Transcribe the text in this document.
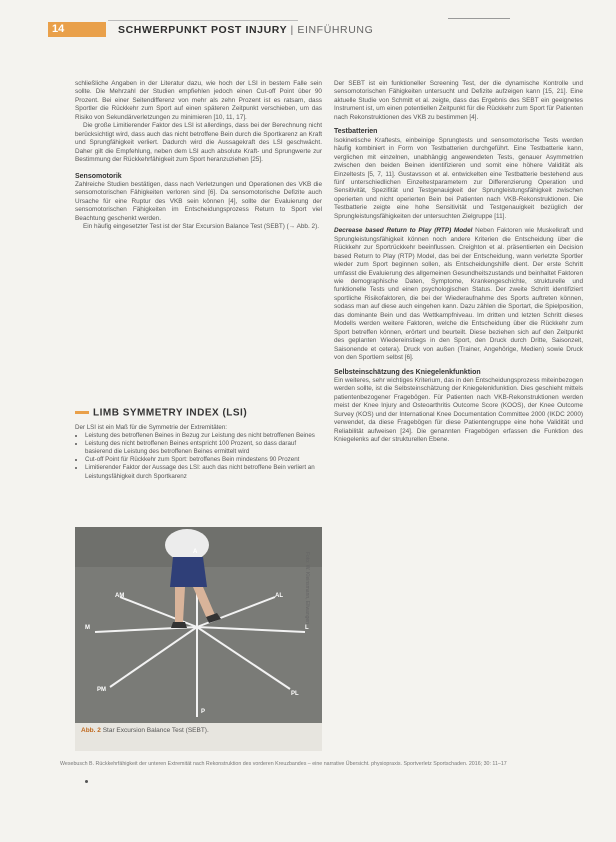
14	SCHWERPUNKT POST INJURY | EINFÜHRUNG

schließliche Angaben in der Literatur dazu, wie hoch der LSI in bestem Falle sein sollte. Die Mehrzahl der Studien empfiehlen jedoch einen Cut-off Point über 90 Prozent. Bei einer Seitendifferenz von mehr als zehn Prozent ist es ratsam, dass Sportler die Rückkehr zum Sport auf einen späteren Zeitpunkt verschieben, um das Risiko von Sekundärverletzungen zu minimieren [10, 11, 17].

Die große Limitierender Faktor des LSI ist allerdings, dass bei der Berechnung nicht berücksichtigt wird, dass auch das nicht betroffene Bein durch die Sportkarenz an Kraft und Sprungfähigkeit verliert. Dadurch wird die Aussagekraft des LSI geschwächt. Daher gilt die Empfehlung, neben dem LSI auch absolute Kraft- und Sprungwerte zur Bestimmung der Rückkehrfähigkeit zum Sport heranzuziehen [25].

Sensomotorik

Zahlreiche Studien bestätigen, dass nach Verletzungen und Operationen des VKB die sensomotorischen Fähigkeiten verloren sind [6]. Da sensomotorische Defizite auch Ursache für eine Ruptur des VKB sein können [4], sollte der Evaluierung der sensomotorischen Fähigkeiten im Entscheidungsprozess Return to Sport viel Beachtung geschenkt werden.

Ein häufig eingesetzter Test ist der Star Excursion Balance Test (SEBT) (→ Abb. 2).

LIMB SYMMETRY INDEX (LSI)
Der LSI ist ein Maß für die Symmetrie der Extremitäten:
• Leistung des betroffenen Beines in Bezug zur Leistung des nicht betroffenen Beines
• Leistung des nicht betroffenen Beines entspricht 100 Prozent, so dass darauf basierend die Leistung des betroffenen Beines ermittelt wird
• Cut-off Point für Rückkehr zum Sport: betroffenes Bein mindestens 90 Prozent
• Limitierender Faktor der Aussage des LSI: auch das nicht betroffene Bein verliert an Leistungsfähigkeit durch Sportkarenz
AM
A
AL
M	L
PM
P
PL
Abb. 2 Star Excursion Balance Test (SEBT).
Foto: W. Kleinsmann, Ellwangen

Der SEBT ist ein funktioneller Screening Test, der die dynamische Kontrolle und sensomotorischen Fähigkeiten untersucht und Defizite aufzeigen kann [15, 21]. Eine aktuelle Studie von Schmitt et al. zeigte, dass das Ergebnis des SEBT ein geeignetes Instrument ist, um einen potentiellen Zeitpunkt für die Rückkehr zum Sport für Patienten nach Rekonstruktionen des VKB zu bestimmen [4].

Testbatterien

Isokinetische Kraftests, einbeinige Sprungtests und sensomotorische Tests werden häufig kombiniert in Form von Testbatterien durchgeführt. Eine Testbatterie kann, verglichen mit einzelnen, unabhängig angewendeten Tests, genauer Asymmetrien zwischen den beiden Beinen identifizieren und somit eine höhere Validität als Einzeltests [5, 7, 11]. Gustavsson et al. entwickelten eine Testbatterie bestehend aus fünf unterschiedlichen Einzeltestparametern zur Differenzierung Operation und Sensitivität, Spezifität und Testgenauigkeit der Sprungleistungsfähigkeit zwischen operierten und nicht operierten Bein bei Patienten nach VKB-Rekonstruktionen. Die Testbatterie zeigte eine hohe Sensitivität und Testgenauigkeit bezüglich der Sprungleistungsfähigkeiten der untersuchten Zielgruppe [11].

Decrease based Return to Play (RTP) Model Neben Faktoren wie Muskelkraft und Sprungleistungsfähigkeit können noch andere Kriterien die Entscheidung über die Rückkehr zur Sportrückkehr beeinflussen. Creighton et al. präsentierten ein Decision based Return to Play (RTP) Model, das bei der Entscheidung, wann verletzte Sportler wieder zum Sport beginnen sollen, als Entscheidungshilfe dient. Der erste Schritt umfasst die Evaluierung des allgemeinen Gesundheitszustands und beinhaltet Faktoren wie demographische Daten, Symptome, Krankengeschichte, strukturelle und funktionelle Tests und einen psychologischen Status. Der zweite Schritt identifiziert sportliche Risikofaktoren, die bei der Wiederaufnahme des Sports auftreten können, sodass man auf diese auch eingehen kann. Dazu zählen die Sportart, die Spielposition, das dominante Bein und das Wettkampfniveau. Im dritten und letzten Schritt dieses Modells werden weitere Faktoren, welche die Entscheidung über die Rückkehr zum Sport betreffen können, erörtert und beurteilt. Diese beziehen sich auf den Zeitpunkt des geplanten Wiedereinstiegs in den Sport, den Druck durch Dritte, Saisonzeit, Saisonende et cetera). Druck von außen (Trainer, Angehörige, Medien) sowie Druck von den Sportlern selbst [6].

Selbsteinschätzung des Kniegelenkfunktion

Ein weiteres, sehr wichtiges Kriterium, das in den Entscheidungsprozess miteinbezogen werden sollte, ist die Selbsteinschätzung der Kniegelenkfunktion. Dies geschieht mittels patientenbezogener Fragebögen. Für Patienten nach VKB-Rekonstruktionen werden meist der Knee Injury and Osteoarthritis Outcome Score (KOOS), der Knee Outcome Survey (KOS) und der International Knee Documentation Committee 2000 (IKDC 2000) verwendet, da diese Fragebögen für diese Patientengruppe eine hohe Validität und Reliabilität aufweisen [24]. Die genannten Fragebögen erfassen die Funktion des Kniegelenks auf der strukturellen Ebene.

Wesebusch B. Rückkehrfähigkeit der unteren Extremität nach Rekonstruktion des vorderen Kreuzbandes – eine narrative Übersicht. physiopraxis. Sportverletz Sportschaden. 2016; 30: 11–17
